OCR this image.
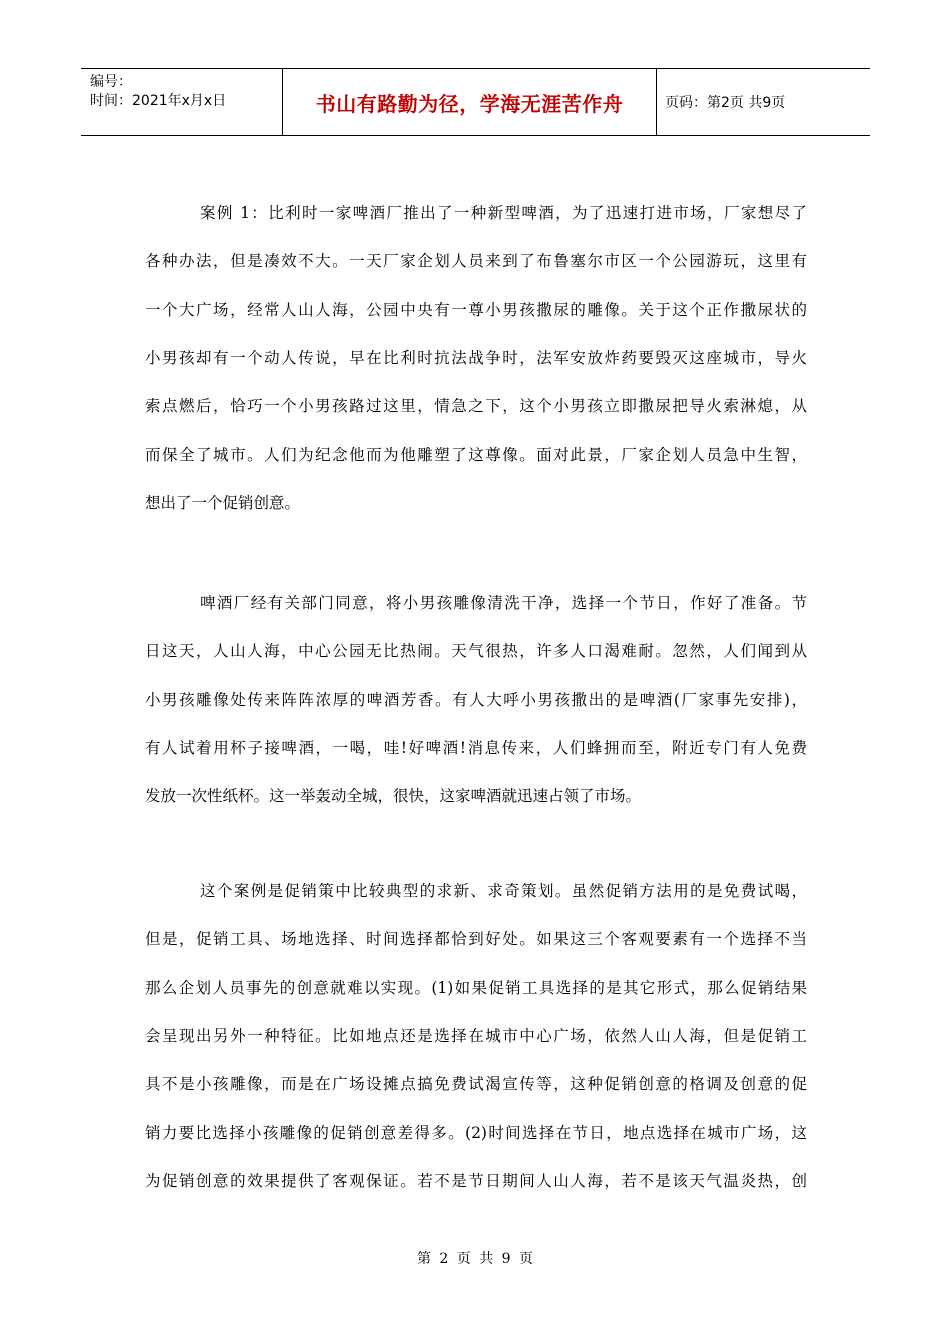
编号：
时间：2021年x月x日	书山有路勤为径，学海无涯苦作舟	页码：第2页 共9页
案例 1：比利时一家啤酒厂推出了一种新型啤酒，为了迅速打进市场，厂家想尽了
各种办法，但是凑效不大。一天厂家企划人员来到了布鲁塞尔市区一个公园游玩，这里有
一个大广场，经常人山人海，公园中央有一尊小男孩撒尿的雕像。关于这个正作撒尿状的
小男孩却有一个动人传说，早在比利时抗法战争时，法军安放炸药要毁灭这座城市，导火
索点燃后，恰巧一个小男孩路过这里，情急之下，这个小男孩立即撒尿把导火索淋熄，从
而保全了城市。人们为纪念他而为他雕塑了这尊像。面对此景，厂家企划人员急中生智，
想出了一个促销创意。
啤酒厂经有关部门同意，将小男孩雕像清洗干净，选择一个节日，作好了准备。节
日这天，人山人海，中心公园无比热闹。天气很热，许多人口渴难耐。忽然，人们闻到从
小男孩雕像处传来阵阵浓厚的啤酒芳香。有人大呼小男孩撒出的是啤酒(厂家事先安排)，
有人试着用杯子接啤酒，一喝，哇!好啤酒!消息传来，人们蜂拥而至，附近专门有人免费
发放一次性纸杯。这一举轰动全城，很快，这家啤酒就迅速占领了市场。
这个案例是促销策中比较典型的求新、求奇策划。虽然促销方法用的是免费试喝，
但是，促销工具、场地选择、时间选择都恰到好处。如果这三个客观要素有一个选择不当
那么企划人员事先的创意就难以实现。(1)如果促销工具选择的是其它形式，那么促销结果
会呈现出另外一种特征。比如地点还是选择在城市中心广场，依然人山人海，但是促销工
具不是小孩雕像，而是在广场设摊点搞免费试渴宣传等，这种促销创意的格调及创意的促
销力要比选择小孩雕像的促销创意差得多。(2)时间选择在节日，地点选择在城市广场，这
为促销创意的效果提供了客观保证。若不是节日期间人山人海，若不是该天气温炎热，创
第 2 页 共 9 页
